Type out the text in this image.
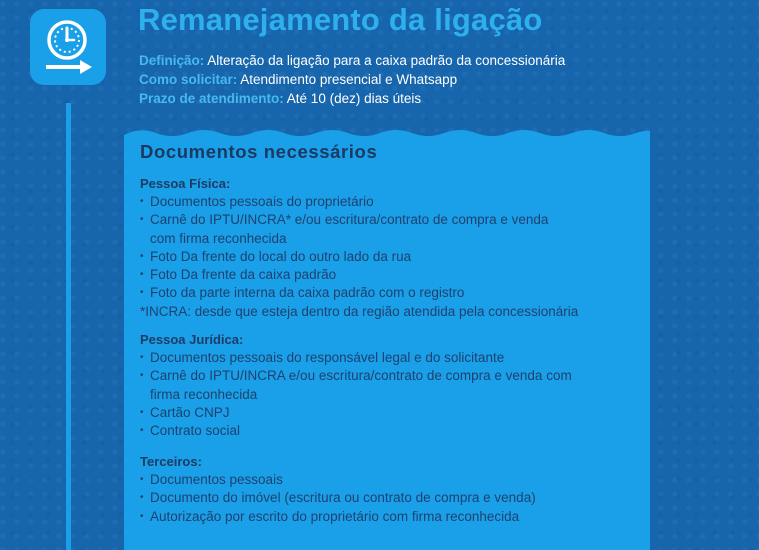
Remanejamento da ligação
Definição: Alteração da ligação para a caixa padrão da concessionária
Como solicitar: Atendimento presencial e Whatsapp
Prazo de atendimento: Até 10 (dez) dias úteis
Documentos necessários
Pessoa Física:
• Documentos pessoais do proprietário
• Carnê do IPTU/INCRA* e/ou escritura/contrato de compra e venda
com firma reconhecida
• Foto Da frente do local do outro lado da rua
• Foto Da frente da caixa padrão
• Foto da parte interna da caixa padrão com o registro
*INCRA: desde que esteja dentro da região atendida pela concessionária
Pessoa Jurídica:
• Documentos pessoais do responsável legal e do solicitante
• Carnê do IPTU/INCRA e/ou escritura/contrato de compra e venda com
firma reconhecida
• Cartão CNPJ
• Contrato social
Terceiros:
• Documentos pessoais
• Documento do imóvel (escritura ou contrato de compra e venda)
• Autorização por escrito do proprietário com firma reconhecida
